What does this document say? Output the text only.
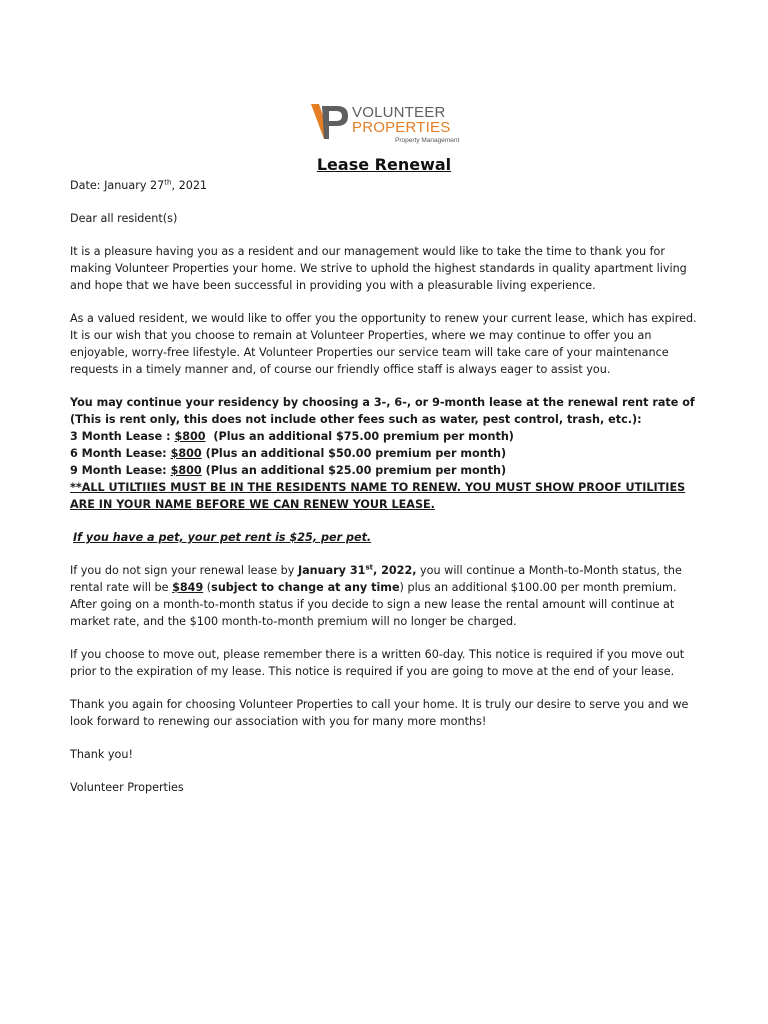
VOLUNTEER
PROPERTIES
Property Management
Lease Renewal

Date: January 27th, 2021

Dear all resident(s)

It is a pleasure having you as a resident and our management would like to take the time to thank you for making Volunteer Properties your home. We strive to uphold the highest standards in quality apartment living and hope that we have been successful in providing you with a pleasurable living experience.

As a valued resident, we would like to offer you the opportunity to renew your current lease, which has expired. It is our wish that you choose to remain at Volunteer Properties, where we may continue to offer you an enjoyable, worry-free lifestyle. At Volunteer Properties our service team will take care of your maintenance requests in a timely manner and, of course our friendly office staff is always eager to assist you.

You may continue your residency by choosing a 3-, 6-, or 9-month lease at the renewal rent rate of (This is rent only, this does not include other fees such as water, pest control, trash, etc.):

3 Month Lease : $800  (Plus an additional $75.00 premium per month)

6 Month Lease: $800 (Plus an additional $50.00 premium per month)

9 Month Lease: $800 (Plus an additional $25.00 premium per month)

**ALL UTILTIIES MUST BE IN THE RESIDENTS NAME TO RENEW. YOU MUST SHOW PROOF UTILITIES ARE IN YOUR NAME BEFORE WE CAN RENEW YOUR LEASE.

If you have a pet, your pet rent is $25, per pet.

If you do not sign your renewal lease by January 31st, 2022, you will continue a Month-to-Month status, the rental rate will be $849 (subject to change at any time) plus an additional $100.00 per month premium. After going on a month-to-month status if you decide to sign a new lease the rental amount will continue at market rate, and the $100 month-to-month premium will no longer be charged.

If you choose to move out, please remember there is a written 60-day. This notice is required if you move out prior to the expiration of my lease. This notice is required if you are going to move at the end of your lease.

Thank you again for choosing Volunteer Properties to call your home. It is truly our desire to serve you and we look forward to renewing our association with you for many more months!

Thank you!

Volunteer Properties
